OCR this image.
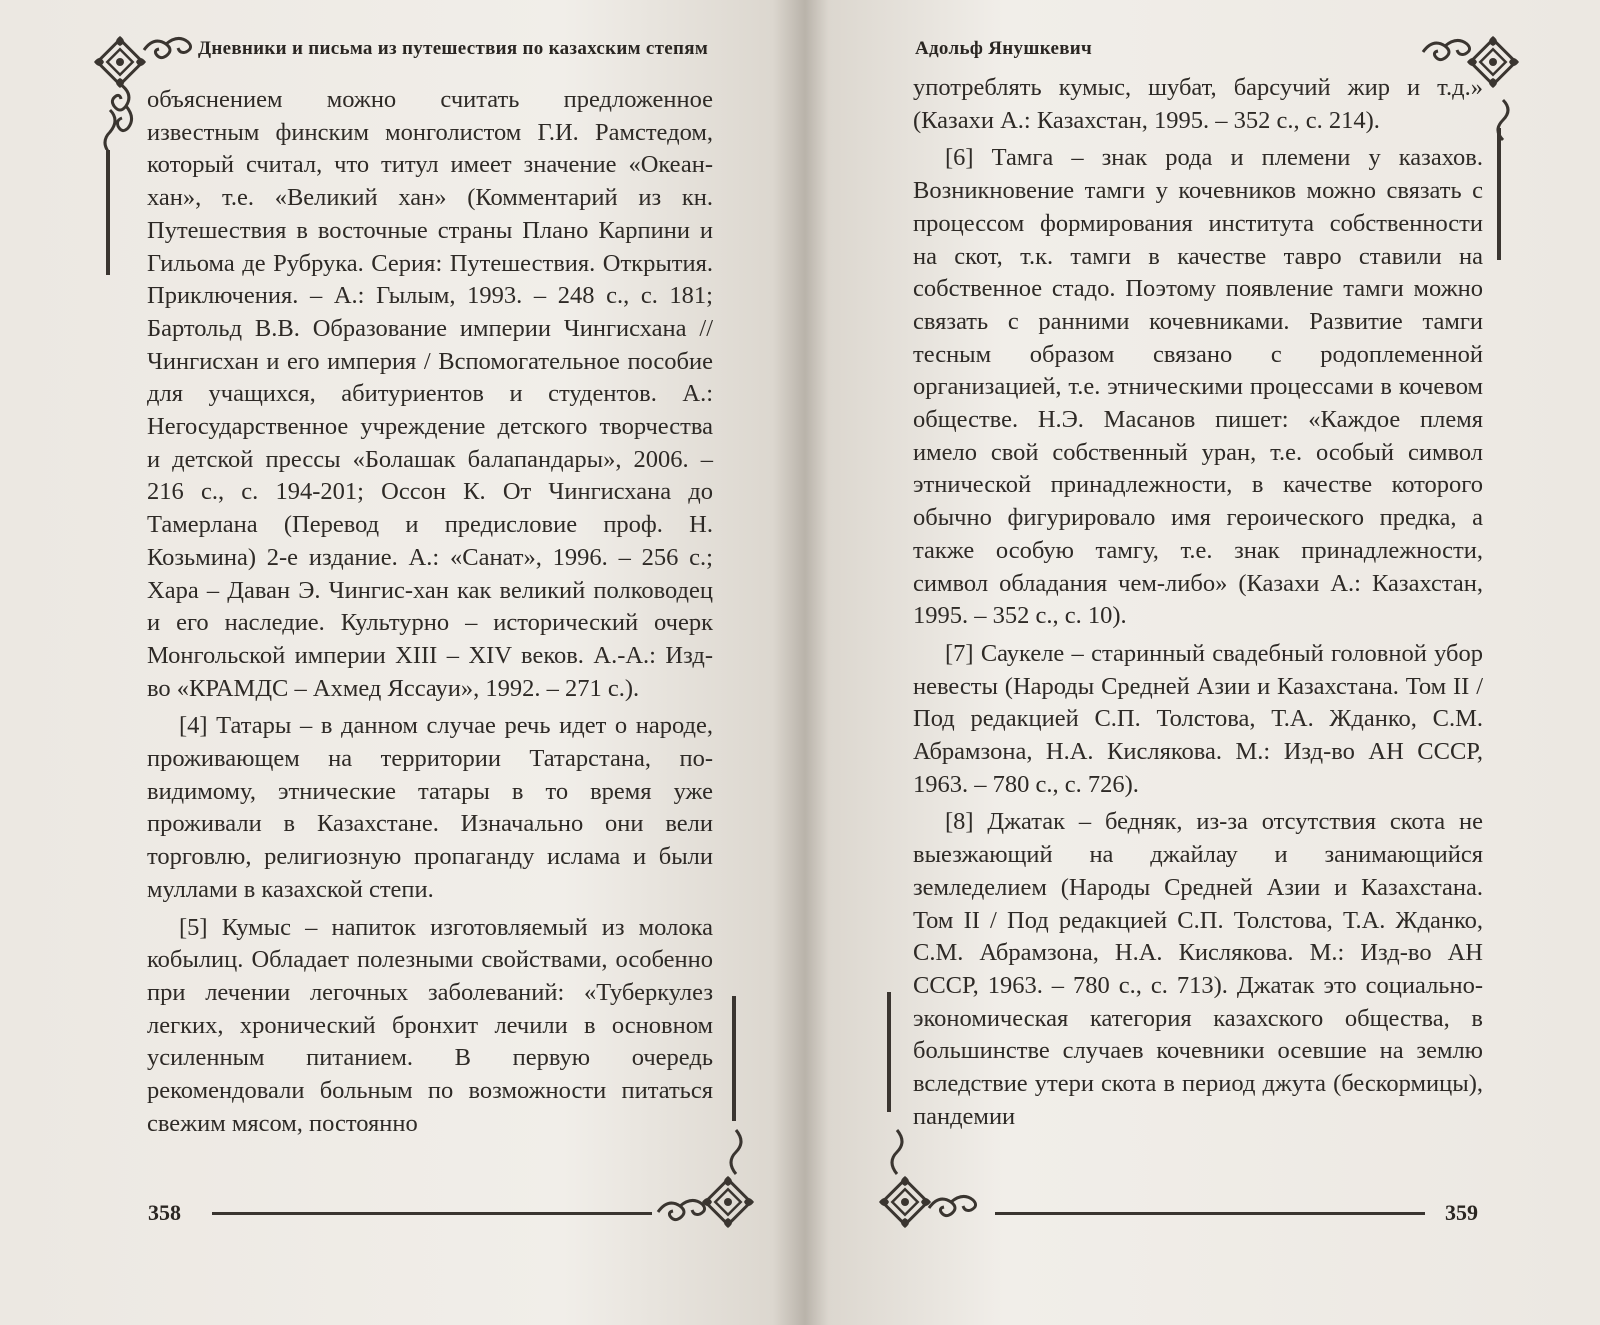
Дневники и письма из путешествия по казахским степям

объяснением можно считать предложенное известным финским монголистом Г.И. Рамстедом, который считал, что титул имеет значение «Океан-хан», т.е. «Великий хан» (Комментарий из кн. Путешествия в восточные страны Плано Карпини и Гильома де Рубрука. Серия: Путешествия. Открытия. Приключения. – А.: Гылым, 1993. – 248 с., с. 181; Бартольд В.В. Образование империи Чингисхана // Чингисхан и его империя / Вспомогательное пособие для учащихся, абитуриентов и студентов. А.: Негосударственное учреждение детского творчества и детской прессы «Болашак балапандары», 2006. – 216 с., с. 194-201; Оссон К. От Чингисхана до Тамерлана (Перевод и предисловие проф. Н. Козьмина) 2-е издание. А.: «Санат», 1996. – 256 с.; Хара – Даван Э. Чингис-хан как великий полководец и его наследие. Культурно – исторический очерк Монгольской империи XIII – XIV веков. А.-А.: Изд-во «КРАМДС – Ахмед Яссауи», 1992. – 271 с.).

[4] Татары – в данном случае речь идет о народе, проживающем на территории Татарстана, по-видимому, этнические татары в то время уже проживали в Казахстане. Изначально они вели торговлю, религиозную пропаганду ислама и были муллами в казахской степи.

[5] Кумыс – напиток изготовляемый из молока кобылиц. Обладает полезными свойствами, особенно при лечении легочных заболеваний: «Туберкулез легких, хронический бронхит лечили в основном усиленным питанием. В первую очередь рекомендовали больным по возможности питаться свежим мясом, постоянно

358
Адольф Янушкевич

употреблять кумыс, шубат, барсучий жир и т.д.» (Казахи А.: Казахстан, 1995. – 352 с., с. 214).

[6] Тамга – знак рода и племени у казахов. Возникновение тамги у кочевников можно связать с процессом формирования института собственности на скот, т.к. тамги в качестве тавро ставили на собственное стадо. Поэтому появление тамги можно связать с ранними кочевниками. Развитие тамги тесным образом связано с родоплеменной организацией, т.е. этническими процессами в кочевом обществе. Н.Э. Масанов пишет: «Каждое племя имело свой собственный уран, т.е. особый символ этнической принадлежности, в качестве которого обычно фигурировало имя героического предка, а также особую тамгу, т.е. знак принадлежности, символ обладания чем-либо» (Казахи А.: Казахстан, 1995. – 352 с., с. 10).

[7] Саукеле – старинный свадебный головной убор невесты (Народы Средней Азии и Казахстана. Том II / Под редакцией С.П. Толстова, Т.А. Жданко, С.М. Абрамзона, Н.А. Кислякова. М.: Изд-во АН СССР, 1963. – 780 с., с. 726).

[8] Джатак – бедняк, из-за отсутствия скота не выезжающий на джайлау и занимающийся земледелием (Народы Средней Азии и Казахстана. Том II / Под редакцией С.П. Толстова, Т.А. Жданко, С.М. Абрамзона, Н.А. Кислякова. М.: Изд-во АН СССР, 1963. – 780 с., с. 713). Джатак это социально-экономическая категория казахского общества, в большинстве случаев кочевники осевшие на землю вследствие утери скота в период джута (бескормицы), пандемии

359
